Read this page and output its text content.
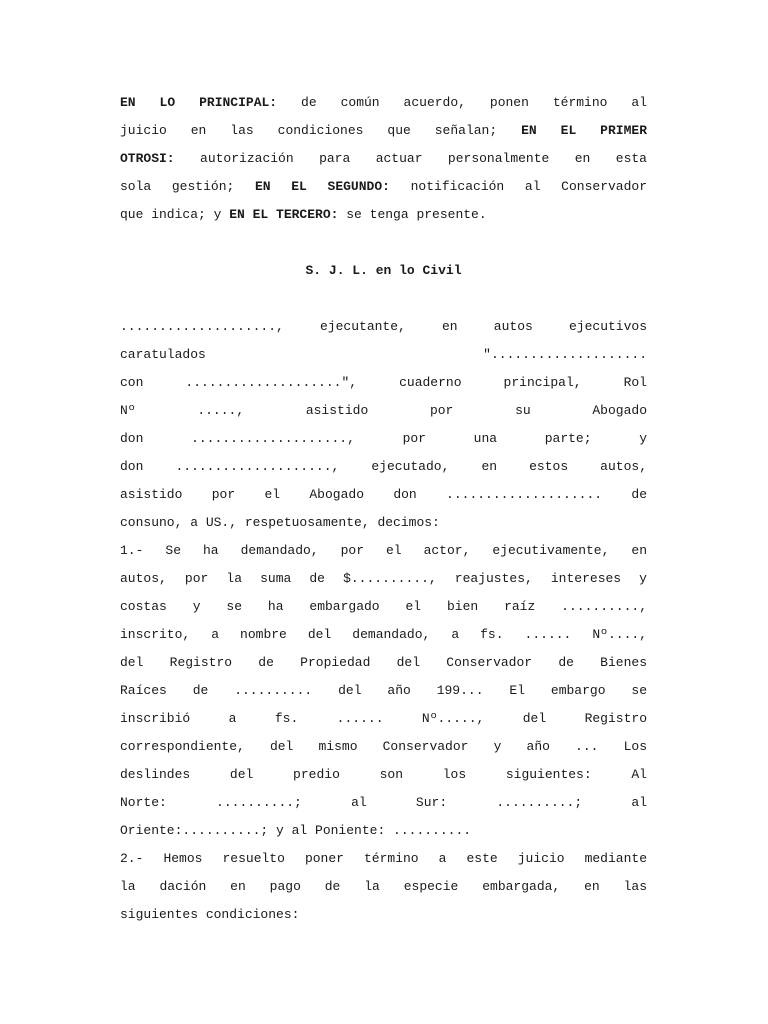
EN LO PRINCIPAL: de común acuerdo, ponen término al
juicio en las condiciones que señalan; EN EL PRIMER
OTROSI: autorización para actuar personalmente en esta
sola gestión; EN EL SEGUNDO: notificación al Conservador
que indica; y EN EL TERCERO: se tenga presente.
S. J. L. en lo Civil
...................., ejecutante, en autos ejecutivos
caratulados "....................
con ....................", cuaderno principal, Rol
Nº ....., asistido por su Abogado
don ...................., por una parte; y
don ...................., ejecutado, en estos autos,
asistido por el Abogado don .................... de
consuno, a US., respetuosamente, decimos:
1.- Se ha demandado, por el actor, ejecutivamente, en
autos, por la suma de $.........., reajustes, intereses y
costas y se ha embargado el bien raíz ..........,
inscrito, a nombre del demandado, a fs. ...... Nº....,
del Registro de Propiedad del Conservador de Bienes
Raíces de .......... del año 199... El embargo se
inscribió a fs. ...... Nº....., del Registro
correspondiente, del mismo Conservador y año ... Los
deslindes del predio son los siguientes: Al
Norte: ..........; al Sur: ..........; al
Oriente:..........; y al Poniente: ..........
2.- Hemos resuelto poner término a este juicio mediante
la dación en pago de la especie embargada, en las
siguientes condiciones:
